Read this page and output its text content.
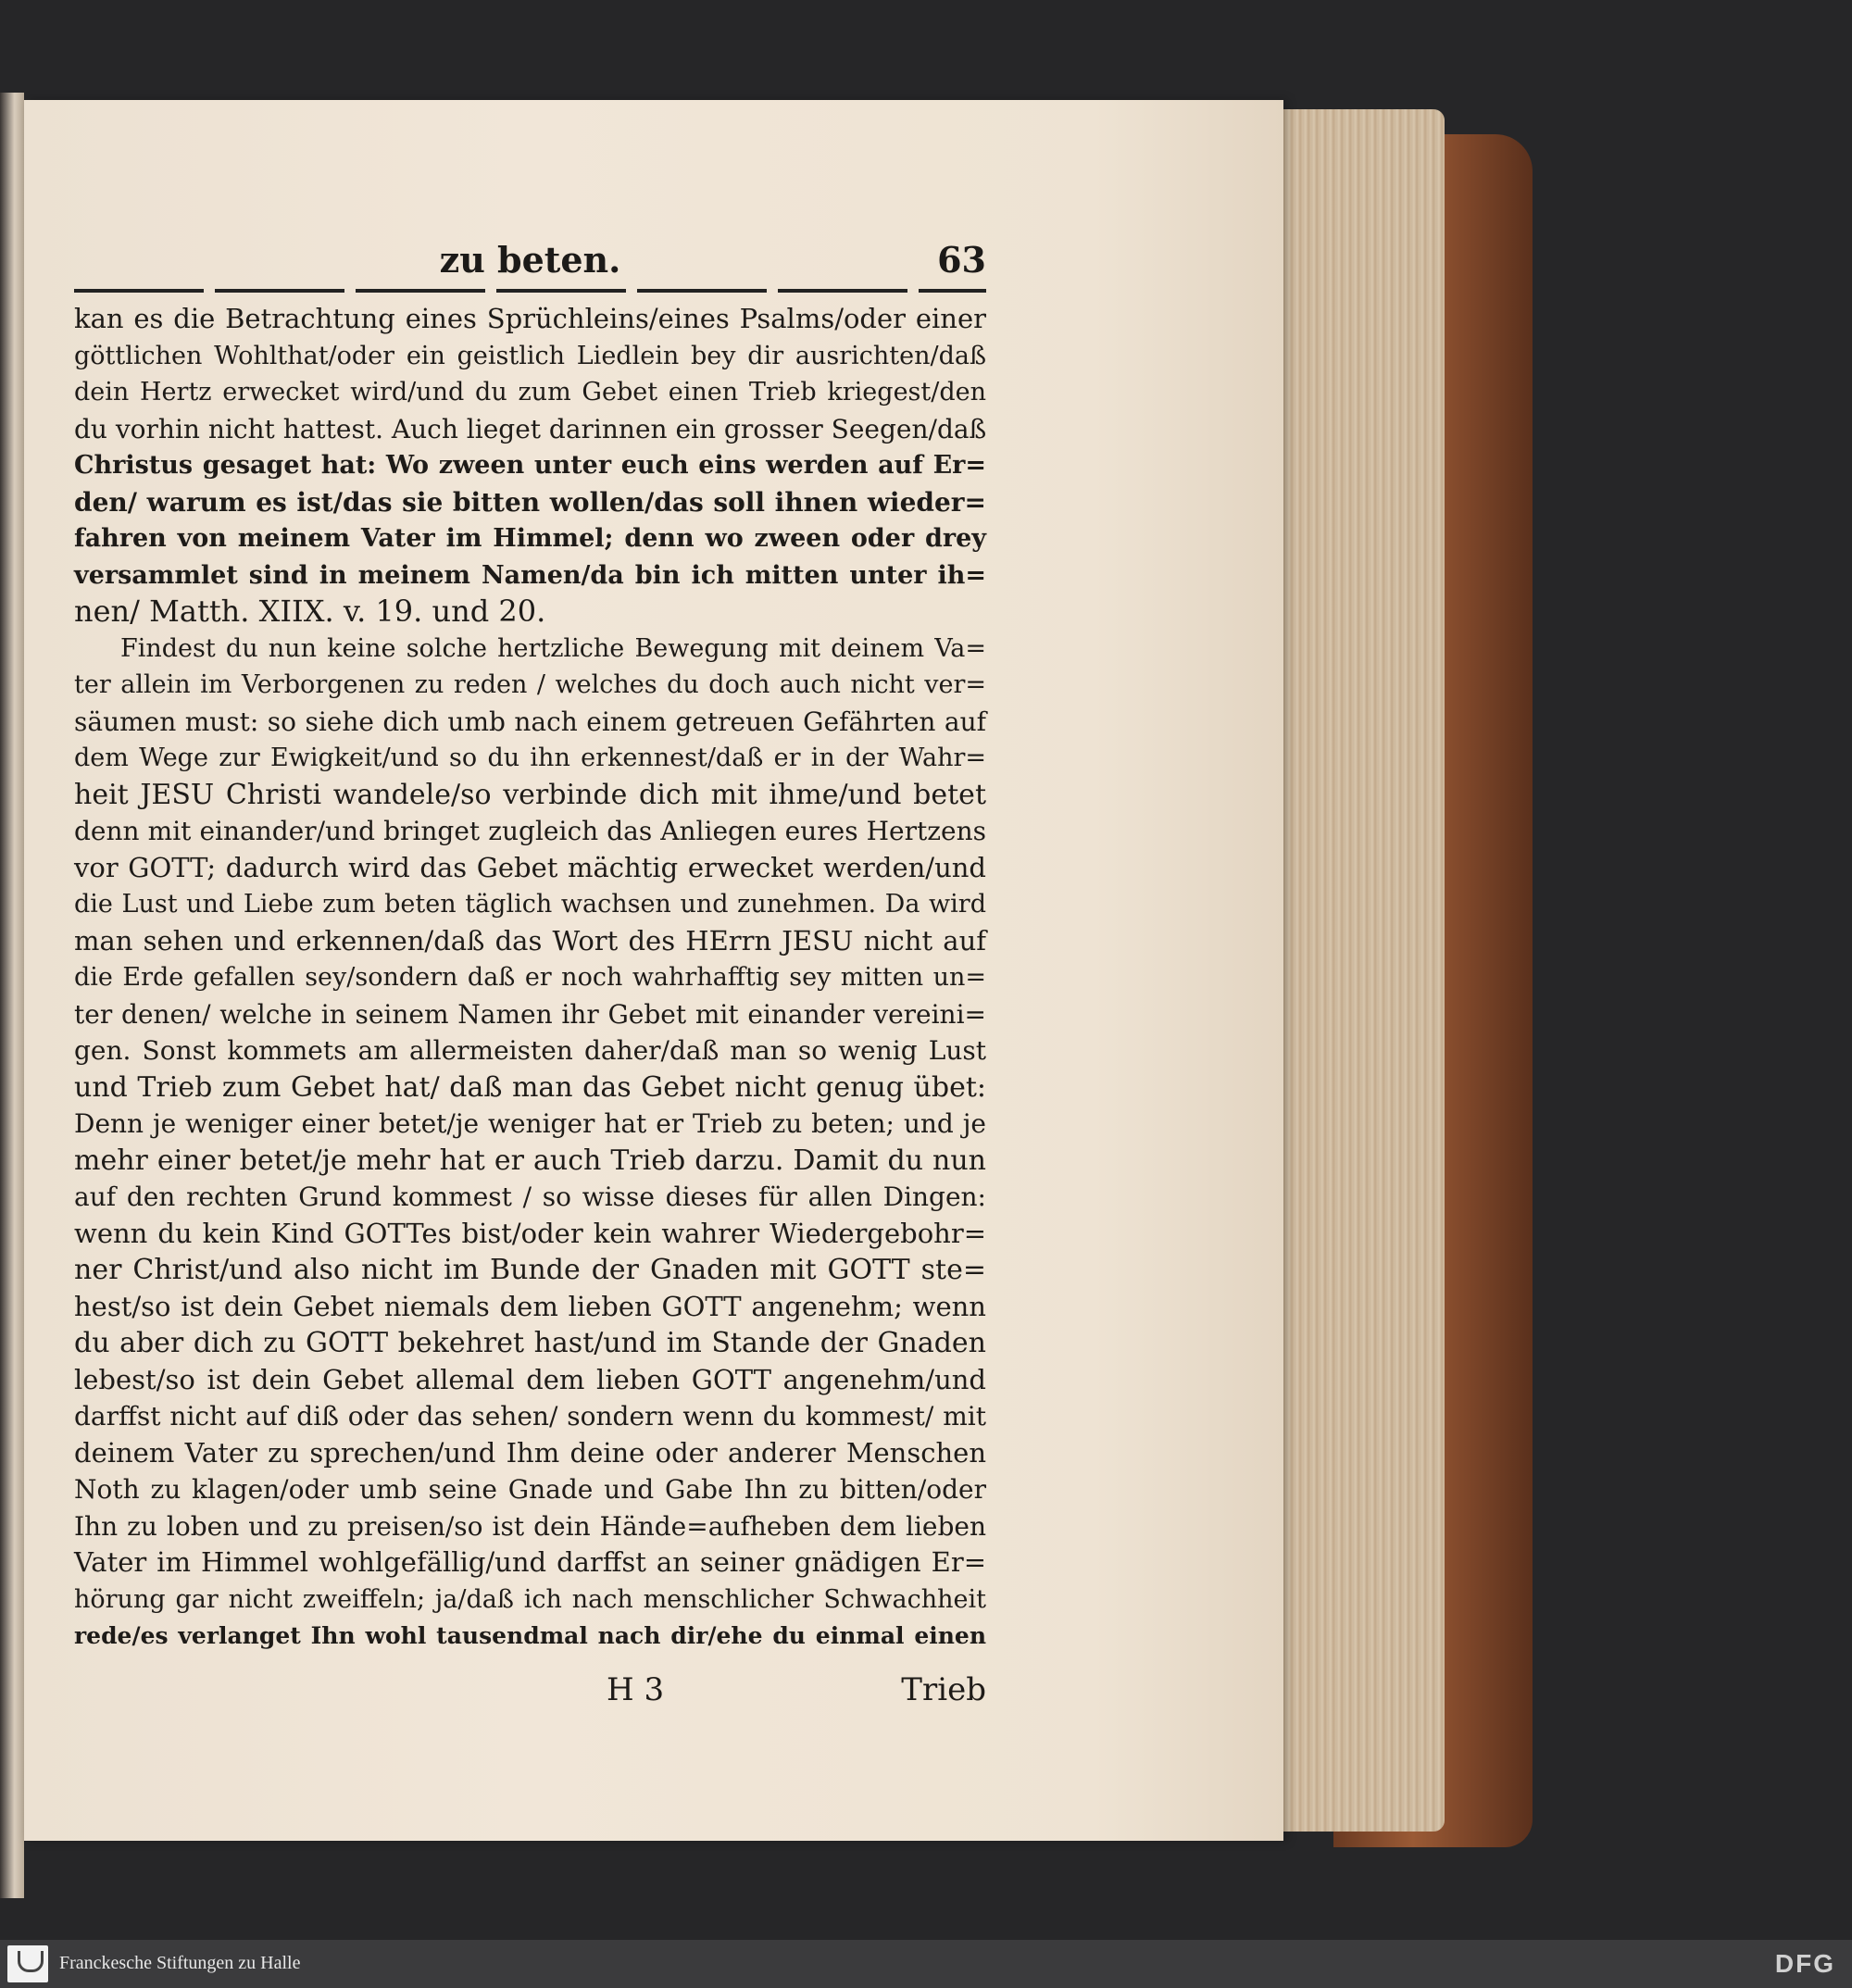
zu beten.	63
kan es die Betrachtung eines Sprüchleins/eines Psalms/oder einer
göttlichen Wohlthat/oder ein geistlich Liedlein bey dir ausrichten/daß
dein Hertz erwecket wird/und du zum Gebet einen Trieb kriegest/den
du vorhin nicht hattest. Auch lieget darinnen ein grosser Seegen/daß
Christus gesaget hat: Wo zween unter euch eins werden auf Er=
den/ warum es ist/das sie bitten wollen/das soll ihnen wieder=
fahren von meinem Vater im Himmel; denn wo zween oder drey
versammlet sind in meinem Namen/da bin ich mitten unter ih=
nen/ Matth. XIIX. v. 19. und 20.
Findest du nun keine solche hertzliche Bewegung mit deinem Va=
ter allein im Verborgenen zu reden / welches du doch auch nicht ver=
säumen must: so siehe dich umb nach einem getreuen Gefährten auf
dem Wege zur Ewigkeit/und so du ihn erkennest/daß er in der Wahr=
heit JESU Christi wandele/so verbinde dich mit ihme/und betet
denn mit einander/und bringet zugleich das Anliegen eures Hertzens
vor GOTT; dadurch wird das Gebet mächtig erwecket werden/und
die Lust und Liebe zum beten täglich wachsen und zunehmen. Da wird
man sehen und erkennen/daß das Wort des HErrn JESU nicht auf
die Erde gefallen sey/sondern daß er noch wahrhafftig sey mitten un=
ter denen/ welche in seinem Namen ihr Gebet mit einander vereini=
gen. Sonst kommets am allermeisten daher/daß man so wenig Lust
und Trieb zum Gebet hat/ daß man das Gebet nicht genug übet:
Denn je weniger einer betet/je weniger hat er Trieb zu beten; und je
mehr einer betet/je mehr hat er auch Trieb darzu. Damit du nun
auf den rechten Grund kommest / so wisse dieses für allen Dingen:
wenn du kein Kind GOTTes bist/oder kein wahrer Wiedergebohr=
ner Christ/und also nicht im Bunde der Gnaden mit GOTT ste=
hest/so ist dein Gebet niemals dem lieben GOTT angenehm; wenn
du aber dich zu GOTT bekehret hast/und im Stande der Gnaden
lebest/so ist dein Gebet allemal dem lieben GOTT angenehm/und
darffst nicht auf diß oder das sehen/ sondern wenn du kommest/ mit
deinem Vater zu sprechen/und Ihm deine oder anderer Menschen
Noth zu klagen/oder umb seine Gnade und Gabe Ihn zu bitten/oder
Ihn zu loben und zu preisen/so ist dein Hände=aufheben dem lieben
Vater im Himmel wohlgefällig/und darffst an seiner gnädigen Er=
hörung gar nicht zweiffeln; ja/daß ich nach menschlicher Schwachheit
rede/es verlanget Ihn wohl tausendmal nach dir/ehe du einmal einen
H 3	Trieb
Franckesche Stiftungen zu Halle	DFG
